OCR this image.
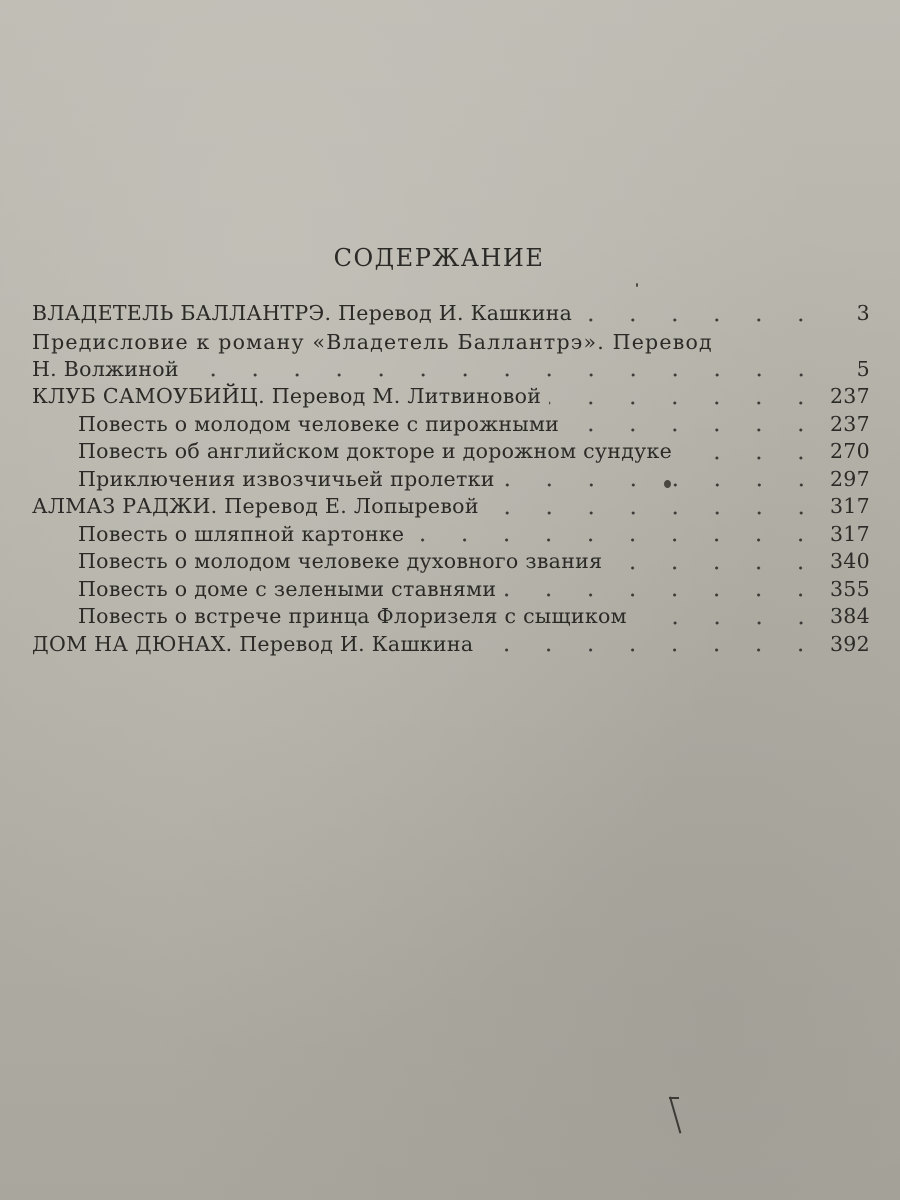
СОДЕРЖАНИЕ
ВЛАДЕТЕЛЬ БАЛЛАНТРЭ. Перевод И. Кашкина	3
Предисловие к роману «Владетель Баллантрэ». Перевод
Н. Волжиной	5
КЛУБ САМОУБИЙЦ. Перевод М. Литвиновой	237
Повесть о молодом человеке с пирожными	237
Повесть об английском докторе и дорожном сундуке	270
Приключения извозчичьей пролетки	297
АЛМАЗ РАДЖИ. Перевод Е. Лопыревой	317
Повесть о шляпной картонке	317
Повесть о молодом человеке духовного звания	340
Повесть о доме с зелеными ставнями	355
Повесть о встрече принца Флоризеля с сыщиком	384
ДОМ НА ДЮНАХ. Перевод И. Кашкина	392
